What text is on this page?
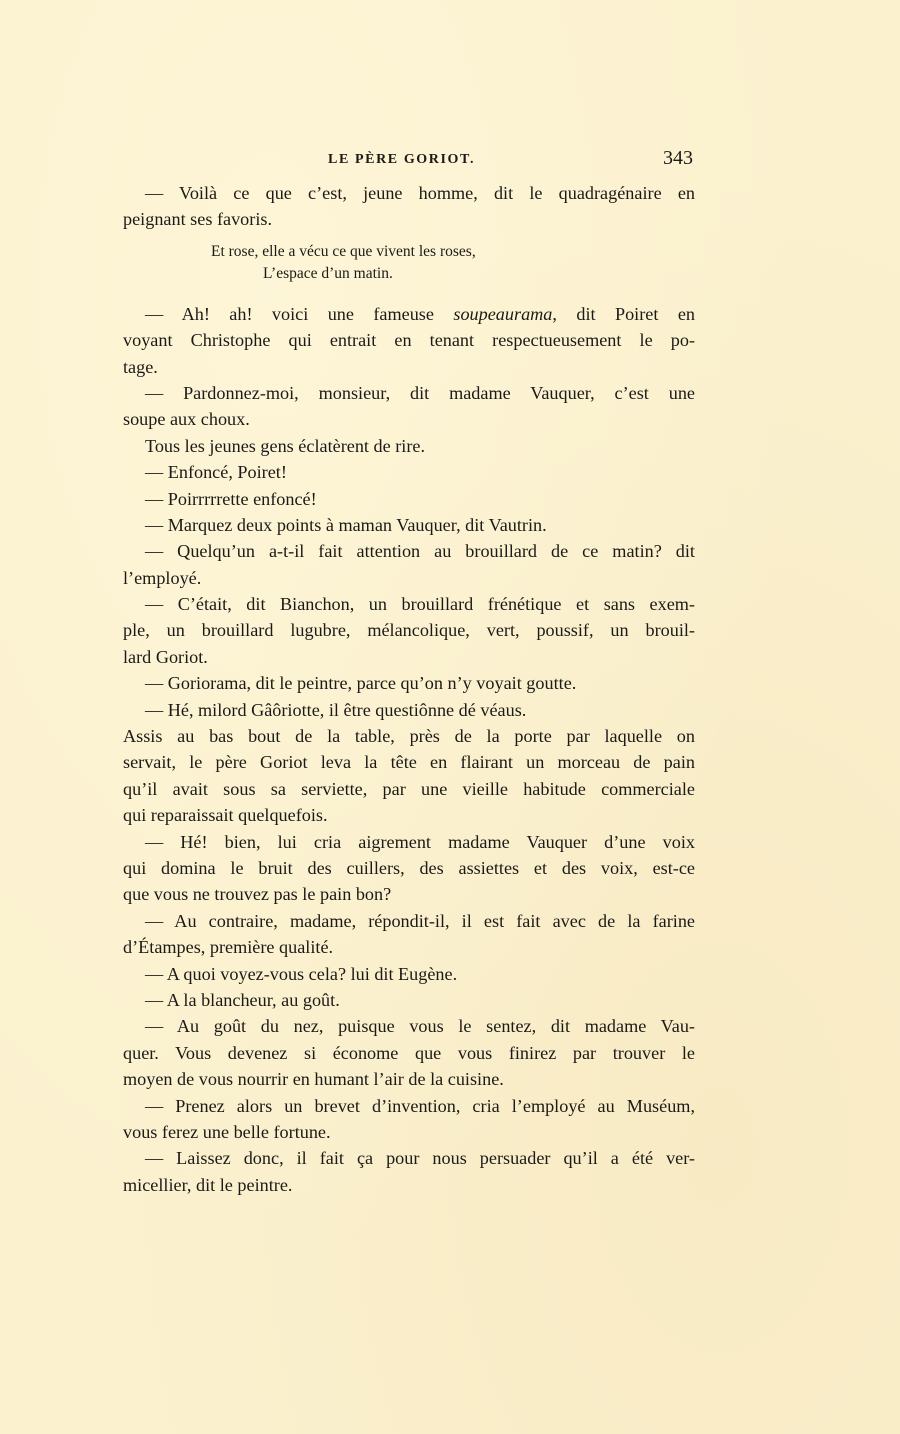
LE PÈRE GORIOT.	343
— Voilà ce que c’est, jeune homme, dit le quadragénaire en
peignant ses favoris.
Et rose, elle a vécu ce que vivent les roses,
L’espace d’un matin.
— Ah! ah! voici une fameuse soupeaurama, dit Poiret en
voyant Christophe qui entrait en tenant respectueusement le po-
tage.
— Pardonnez-moi, monsieur, dit madame Vauquer, c’est une
soupe aux choux.
Tous les jeunes gens éclatèrent de rire.
— Enfoncé, Poiret!
— Poirrrrrette enfoncé!
— Marquez deux points à maman Vauquer, dit Vautrin.
— Quelqu’un a-t-il fait attention au brouillard de ce matin? dit
l’employé.
— C’était, dit Bianchon, un brouillard frénétique et sans exem-
ple, un brouillard lugubre, mélancolique, vert, poussif, un brouil-
lard Goriot.
— Goriorama, dit le peintre, parce qu’on n’y voyait goutte.
— Hé, milord Gâôriotte, il être questiônne dé véaus.
Assis au bas bout de la table, près de la porte par laquelle on
servait, le père Goriot leva la tête en flairant un morceau de pain
qu’il avait sous sa serviette, par une vieille habitude commerciale
qui reparaissait quelquefois.
— Hé! bien, lui cria aigrement madame Vauquer d’une voix
qui domina le bruit des cuillers, des assiettes et des voix, est-ce
que vous ne trouvez pas le pain bon?
— Au contraire, madame, répondit-il, il est fait avec de la farine
d’Étampes, première qualité.
— A quoi voyez-vous cela? lui dit Eugène.
— A la blancheur, au goût.
— Au goût du nez, puisque vous le sentez, dit madame Vau-
quer. Vous devenez si économe que vous finirez par trouver le
moyen de vous nourrir en humant l’air de la cuisine.
— Prenez alors un brevet d’invention, cria l’employé au Muséum,
vous ferez une belle fortune.
— Laissez donc, il fait ça pour nous persuader qu’il a été ver-
micellier, dit le peintre.
